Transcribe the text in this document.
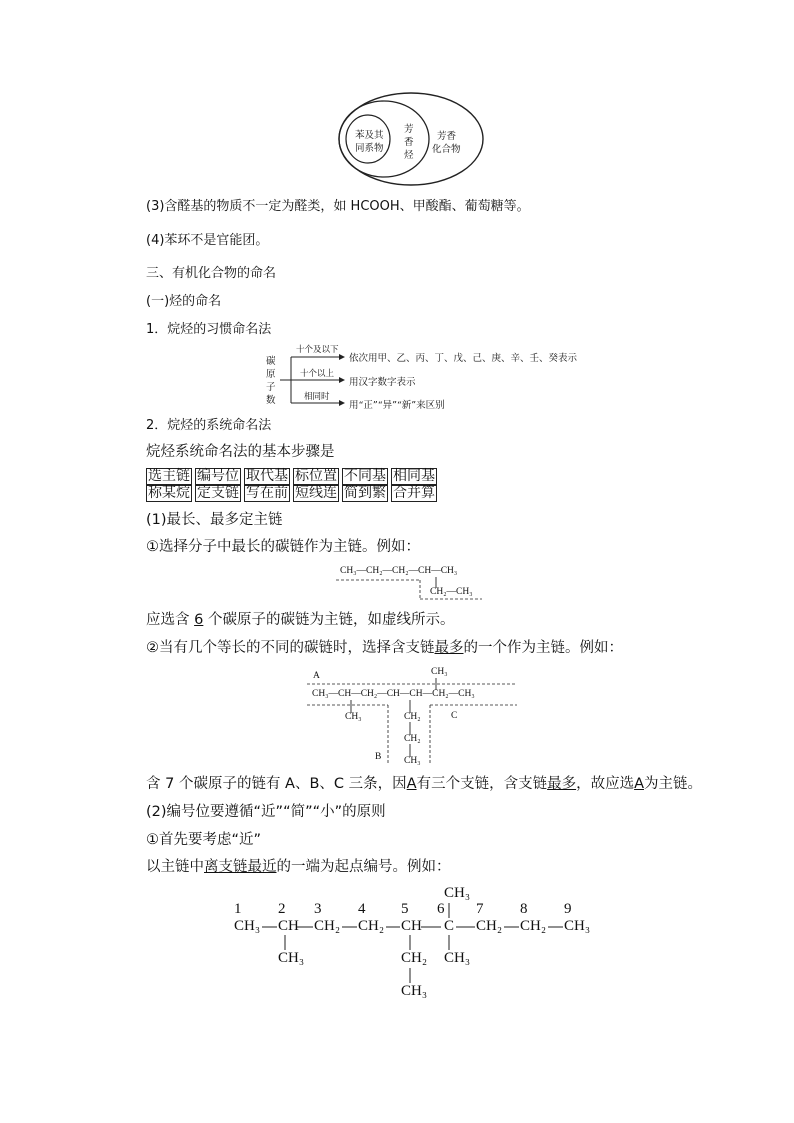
苯及其
同系物
芳
香
烃
芳香
化合物
(3)含醛基的物质不一定为醛类，如 HCOOH、甲酸酯、葡萄糖等。
(4)苯环不是官能团。
三、有机化合物的命名
(一)烃的命名
1．烷烃的习惯命名法
碳
原
子
数
十个及以下
依次用甲、乙、丙、丁、戊、己、庚、辛、壬、癸表示
十个以上
用汉字数字表示
相同时
用“正”“异”“新”来区别
2．烷烃的系统命名法
烷烃系统命名法的基本步骤是
选主链 编号位 取代基 标位置 不同基 相同基
称某烷 定支链 写在前 短线连 简到繁 合并算
(1)最长、最多定主链
①选择分子中最长的碳链作为主链。例如：
CH₃—CH₂—CH₂—CH—CH₃
CH₂—CH₃
应选含 6 个碳原子的碳链为主链，如虚线所示。
②当有几个等长的不同的碳链时，选择含支链最多的一个作为主链。例如：
A	CH₃
CH₃—CH—CH₂—CH—CH—CH₂—CH₃
CH₃	CH₂
CH₂
CH₃
C
B
含 7 个碳原子的链有 A、B、C 三条，因A有三个支链，含支链最多，故应选A为主链。
(2)编号位要遵循“近”“简”“小”的原则
①首先要考虑“近”
以主链中离支链最近的一端为起点编号。例如：
1 2 3 4 5 6 7 8 9
CH₃
CH₃ CH CH₂ CH₂ CH C CH₂ CH₂ CH₃
CH₃	CH₂
CH₃
CH₃
